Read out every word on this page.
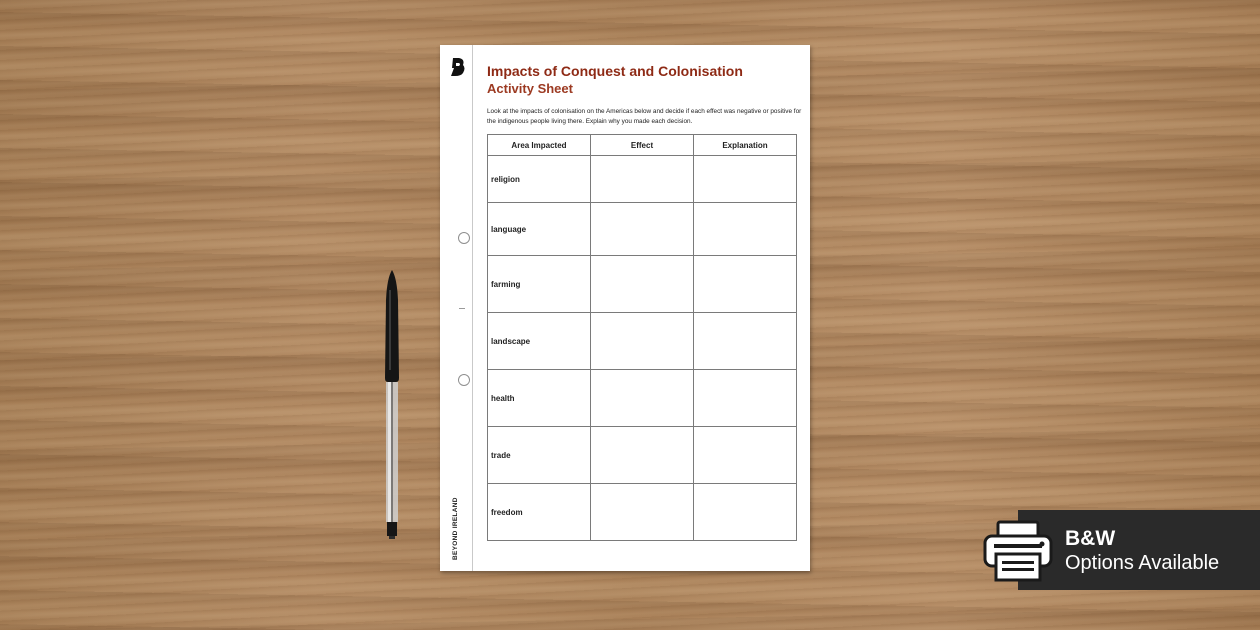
BEYOND IRELAND
Impacts of Conquest and Colonisation
Activity Sheet

Look at the impacts of colonisation on the Americas below and decide if each effect was negative or positive for the indigenous people living there. Explain why you made each decision.

Area Impacted	Effect	Explanation
religion		
language		
farming		
landscape		
health		
trade		
freedom		
B&W
Options Available
